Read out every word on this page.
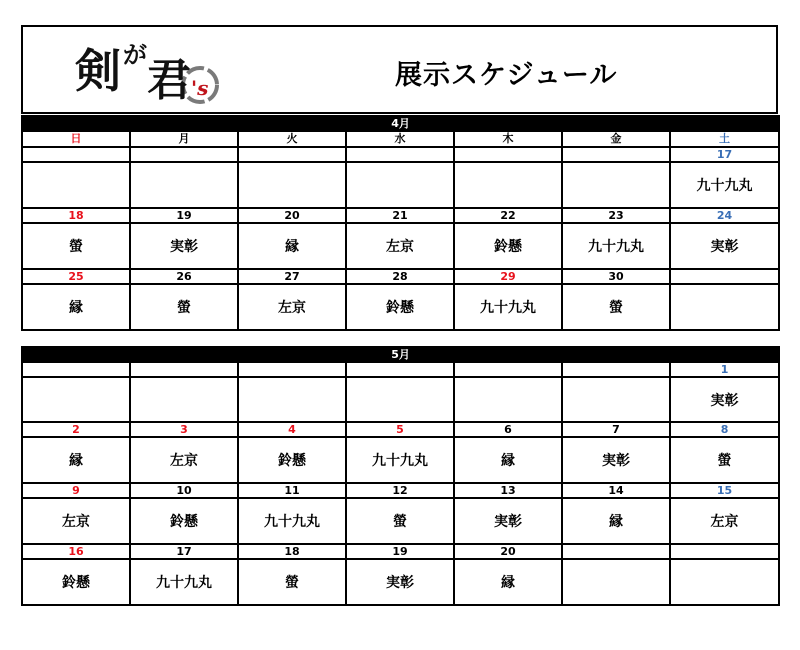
剣 が
君 's	展示スケジュール
4月						
日	月	火	水	木	金	土
						17
						九十九丸
18	19	20	21	22	23	24
螢	実彰	縁	左京	鈴懸	九十九丸	実彰
25	26	27	28	29	30	
縁	螢	左京	鈴懸	九十九丸	螢	
5月						
						1
						実彰
2	3	4	5	6	7	8
縁	左京	鈴懸	九十九丸	縁	実彰	螢
9	10	11	12	13	14	15
左京	鈴懸	九十九丸	螢	実彰	縁	左京
16	17	18	19	20		
鈴懸	九十九丸	螢	実彰	縁		
